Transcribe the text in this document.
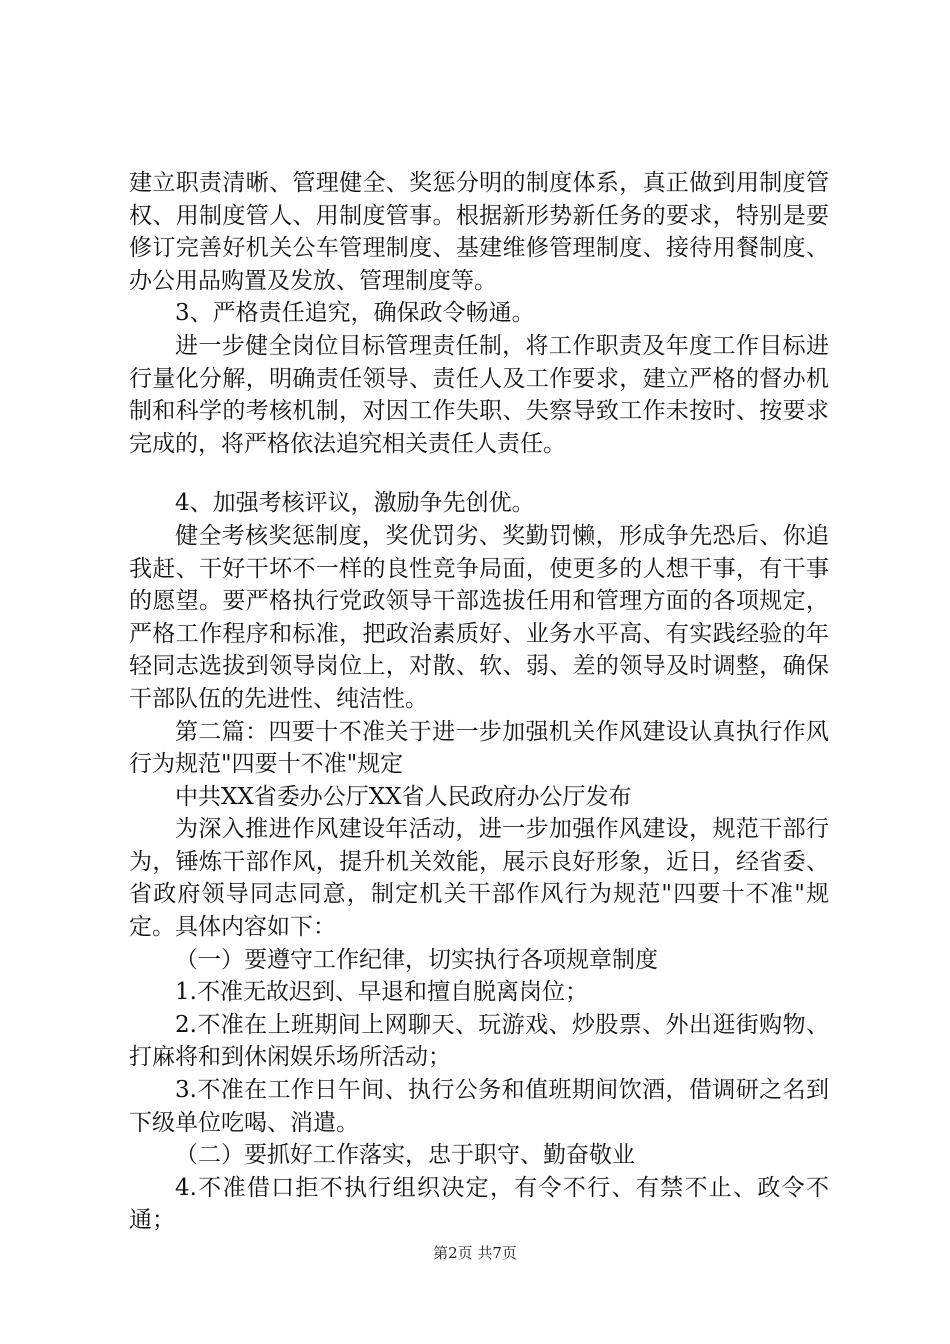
建立职责清晰、管理健全、奖惩分明的制度体系，真正做到用制度管权、用制度管人、用制度管事。根据新形势新任务的要求，特别是要修订完善好机关公车管理制度、基建维修管理制度、接待用餐制度、办公用品购置及发放、管理制度等。

3、严格责任追究，确保政令畅通。

进一步健全岗位目标管理责任制，将工作职责及年度工作目标进行量化分解，明确责任领导、责任人及工作要求，建立严格的督办机制和科学的考核机制，对因工作失职、失察导致工作未按时、按要求完成的，将严格依法追究相关责任人责任。

4、加强考核评议，激励争先创优。

健全考核奖惩制度，奖优罚劣、奖勤罚懒，形成争先恐后、你追我赶、干好干坏不一样的良性竞争局面，使更多的人想干事，有干事的愿望。要严格执行党政领导干部选拔任用和管理方面的各项规定，严格工作程序和标准，把政治素质好、业务水平高、有实践经验的年轻同志选拔到领导岗位上，对散、软、弱、差的领导及时调整，确保干部队伍的先进性、纯洁性。

第二篇：四要十不准关于进一步加强机关作风建设认真执行作风行为规范"四要十不准"规定

中共XX省委办公厅XX省人民政府办公厅发布

为深入推进作风建设年活动，进一步加强作风建设，规范干部行为，锤炼干部作风，提升机关效能，展示良好形象，近日，经省委、省政府领导同志同意，制定机关干部作风行为规范"四要十不准"规定。具体内容如下：

（一）要遵守工作纪律，切实执行各项规章制度

1.不准无故迟到、早退和擅自脱离岗位；

2.不准在上班期间上网聊天、玩游戏、炒股票、外出逛街购物、打麻将和到休闲娱乐场所活动；

3.不准在工作日午间、执行公务和值班期间饮酒，借调研之名到下级单位吃喝、消遣。

（二）要抓好工作落实，忠于职守、勤奋敬业

4.不准借口拒不执行组织决定，有令不行、有禁不止、政令不通；

第2页 共7页
